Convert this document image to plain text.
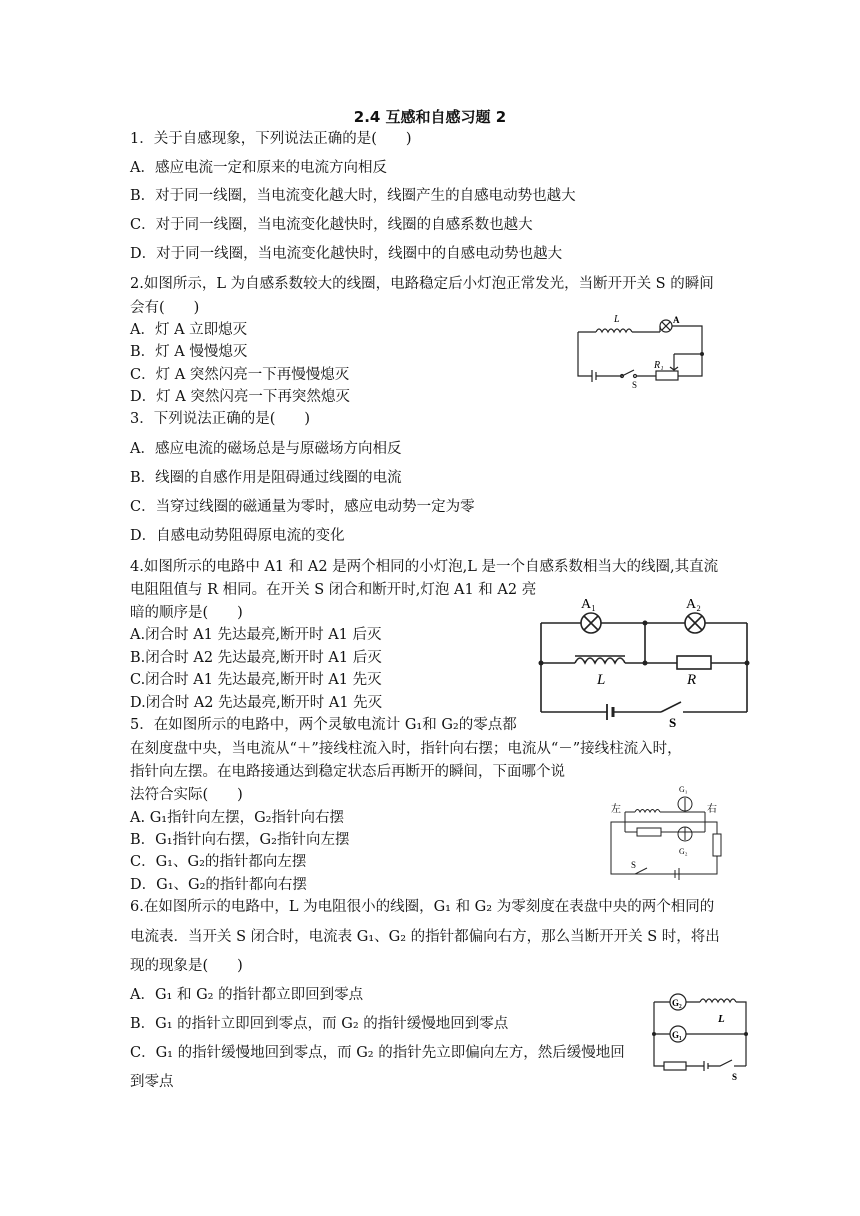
2.4 互感和自感习题 2
1．关于自感现象，下列说法正确的是(　　)
A．感应电流一定和原来的电流方向相反
B．对于同一线圈，当电流变化越大时，线圈产生的自感电动势也越大
C．对于同一线圈，当电流变化越快时，线圈的自感系数也越大
D．对于同一线圈，当电流变化越快时，线圈中的自感电动势也越大
2.如图所示，L 为自感系数较大的线圈，电路稳定后小灯泡正常发光，当断开开关 S 的瞬间
会有(　　)
A．灯 A 立即熄灭
B．灯 A 慢慢熄灭
C．灯 A 突然闪亮一下再慢慢熄灭
D．灯 A 突然闪亮一下再突然熄灭
3．下列说法正确的是(　　)
A．感应电流的磁场总是与原磁场方向相反
B．线圈的自感作用是阻碍通过线圈的电流
C．当穿过线圈的磁通量为零时，感应电动势一定为零
D．自感电动势阻碍原电流的变化
4.如图所示的电路中 A1 和 A2 是两个相同的小灯泡,L 是一个自感系数相当大的线圈,其直流
电阻阻值与 R 相同。在开关 S 闭合和断开时,灯泡 A1 和 A2 亮
暗的顺序是(　　)
A.闭合时 A1 先达最亮,断开时 A1 后灭
B.闭合时 A2 先达最亮,断开时 A1 后灭
C.闭合时 A1 先达最亮,断开时 A1 先灭
D.闭合时 A2 先达最亮,断开时 A1 先灭
5．在如图所示的电路中，两个灵敏电流计 G₁和 G₂的零点都
在刻度盘中央，当电流从“＋”接线柱流入时，指针向右摆；电流从“－”接线柱流入时，
指针向左摆。在电路接通达到稳定状态后再断开的瞬间，下面哪个说
法符合实际(　　)
A. G₁指针向左摆，G₂指针向右摆
B．G₁指针向右摆，G₂指针向左摆
C．G₁、G₂的指针都向左摆
D．G₁、G₂的指针都向右摆
6.在如图所示的电路中，L 为电阻很小的线圈，G₁ 和 G₂ 为零刻度在表盘中央的两个相同的
电流表．当开关 S 闭合时，电流表 G₁、G₂ 的指针都偏向右方，那么当断开开关 S 时，将出
现的现象是(　　)
A．G₁ 和 G₂ 的指针都立即回到零点
B．G₁ 的指针立即回到零点，而 G₂ 的指针缓慢地回到零点
C．G₁ 的指针缓慢地回到零点，而 G₂ 的指针先立即偏向左方，然后缓慢地回
到零点
L	A
R₁
S
A₁	A₂
L	R
S
左	右
G₁
G₂
S
G₂
G₁
L
S
